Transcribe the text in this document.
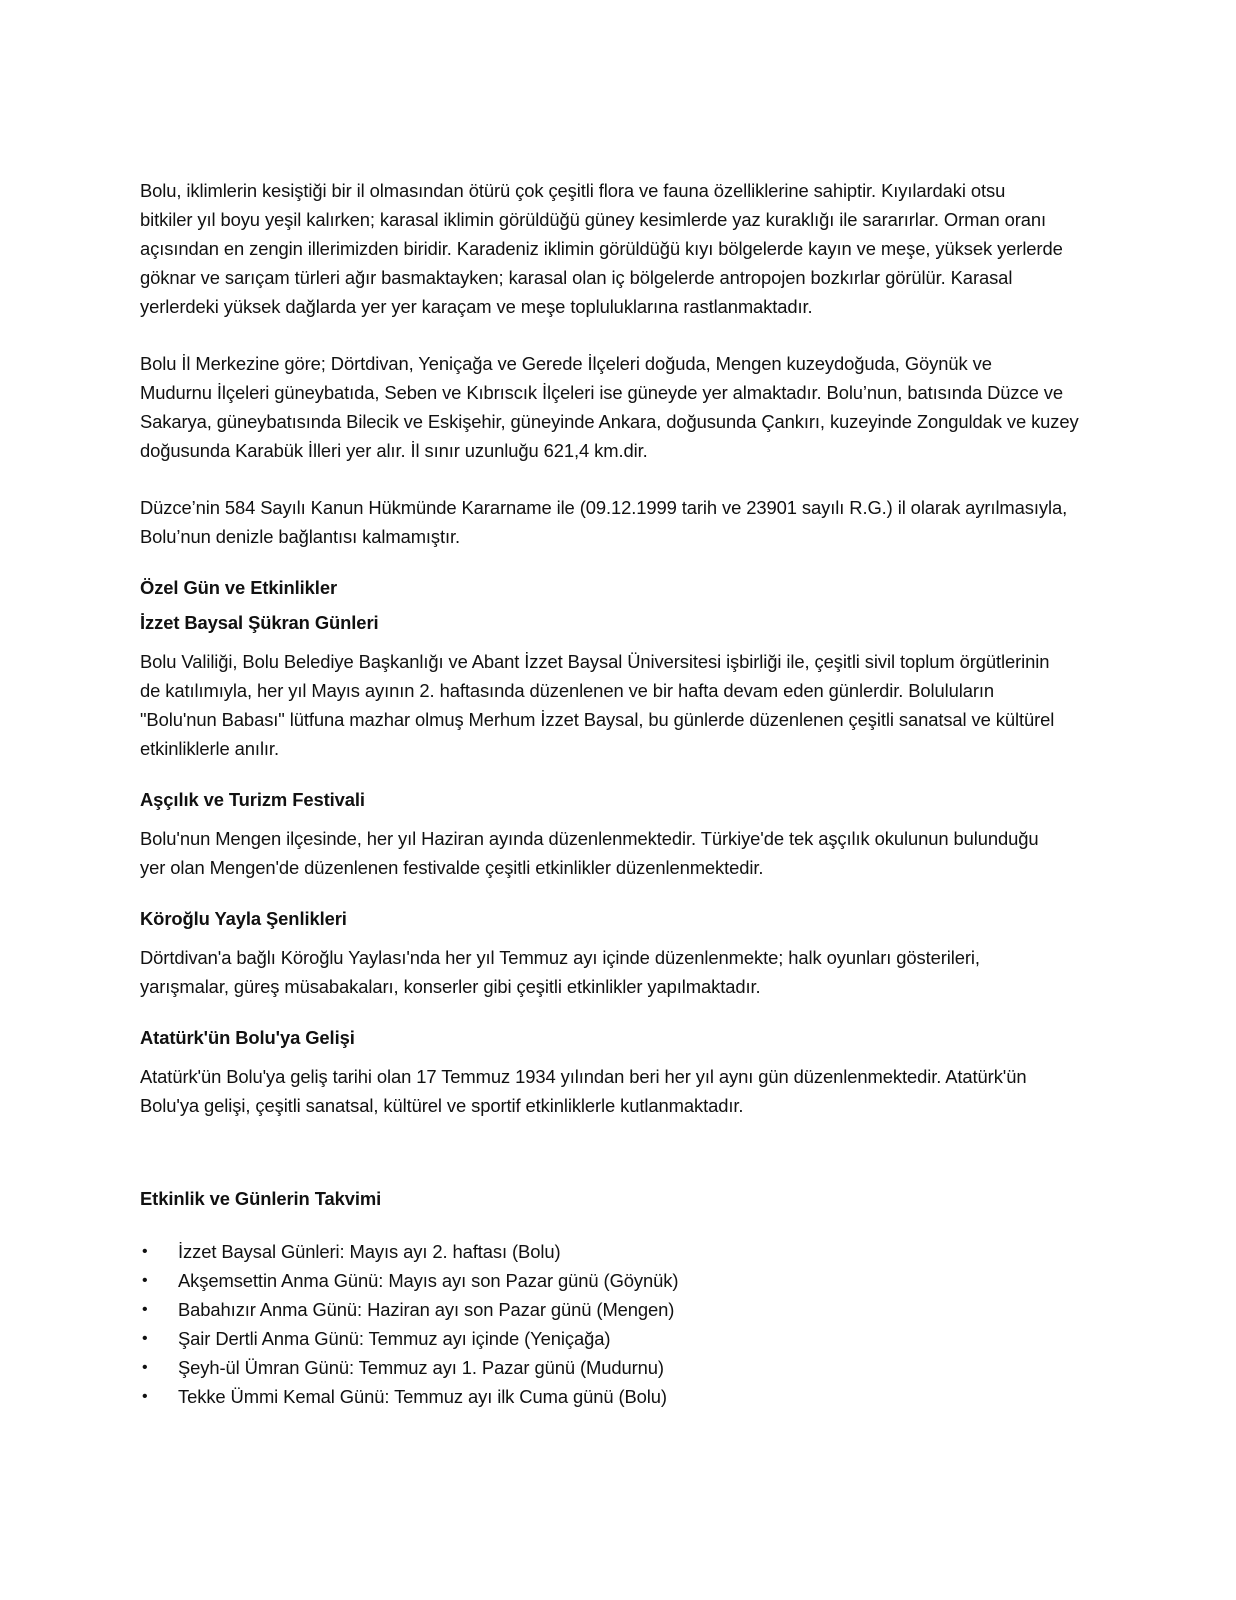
Bolu, iklimlerin kesiştiği bir il olmasından ötürü çok çeşitli flora ve fauna özelliklerine sahiptir. Kıyılardaki otsu
bitkiler yıl boyu yeşil kalırken; karasal iklimin görüldüğü güney kesimlerde yaz kuraklığı ile sararırlar. Orman oranı
açısından en zengin illerimizden biridir. Karadeniz iklimin görüldüğü kıyı bölgelerde kayın ve meşe, yüksek yerlerde
göknar ve sarıçam türleri ağır basmaktayken; karasal olan iç bölgelerde antropojen bozkırlar görülür. Karasal
yerlerdeki yüksek dağlarda yer yer karaçam ve meşe topluluklarına rastlanmaktadır.

Bolu İl Merkezine göre; Dörtdivan, Yeniçağa ve Gerede İlçeleri doğuda, Mengen kuzeydoğuda, Göynük ve
Mudurnu İlçeleri güneybatıda, Seben ve Kıbrıscık İlçeleri ise güneyde yer almaktadır. Bolu’nun, batısında Düzce ve
Sakarya, güneybatısında Bilecik ve Eskişehir, güneyinde Ankara, doğusunda Çankırı, kuzeyinde Zonguldak ve kuzey
doğusunda Karabük İlleri yer alır. İl sınır uzunluğu 621,4 km.dir.

Düzce’nin 584 Sayılı Kanun Hükmünde Kararname ile (09.12.1999 tarih ve 23901 sayılı R.G.) il olarak ayrılmasıyla,
Bolu’nun denizle bağlantısı kalmamıştır.

Özel Gün ve Etkinlikler
İzzet Baysal Şükran Günleri

Bolu Valiliği, Bolu Belediye Başkanlığı ve Abant İzzet Baysal Üniversitesi işbirliği ile, çeşitli sivil toplum örgütlerinin
de katılımıyla, her yıl Mayıs ayının 2. haftasında düzenlenen ve bir hafta devam eden günlerdir. Boluluların
"Bolu'nun Babası" lütfuna mazhar olmuş Merhum İzzet Baysal, bu günlerde düzenlenen çeşitli sanatsal ve kültürel
etkinliklerle anılır.

Aşçılık ve Turizm Festivali

Bolu'nun Mengen ilçesinde, her yıl Haziran ayında düzenlenmektedir. Türkiye'de tek aşçılık okulunun bulunduğu
yer olan Mengen'de düzenlenen festivalde çeşitli etkinlikler düzenlenmektedir.

Köroğlu Yayla Şenlikleri

Dörtdivan'a bağlı Köroğlu Yaylası'nda her yıl Temmuz ayı içinde düzenlenmekte; halk oyunları gösterileri,
yarışmalar, güreş müsabakaları, konserler gibi çeşitli etkinlikler yapılmaktadır.

Atatürk'ün Bolu'ya Gelişi

Atatürk'ün Bolu'ya geliş tarihi olan 17 Temmuz 1934 yılından beri her yıl aynı gün düzenlenmektedir. Atatürk'ün
Bolu'ya gelişi, çeşitli sanatsal, kültürel ve sportif etkinliklerle kutlanmaktadır.

Etkinlik ve Günlerin Takvimi
• İzzet Baysal Günleri: Mayıs ayı 2. haftası (Bolu)
• Akşemsettin Anma Günü: Mayıs ayı son Pazar günü (Göynük)
• Babahızır Anma Günü: Haziran ayı son Pazar günü (Mengen)
• Şair Dertli Anma Günü: Temmuz ayı içinde (Yeniçağa)
• Şeyh-ül Ümran Günü: Temmuz ayı 1. Pazar günü (Mudurnu)
• Tekke Ümmi Kemal Günü: Temmuz ayı ilk Cuma günü (Bolu)
